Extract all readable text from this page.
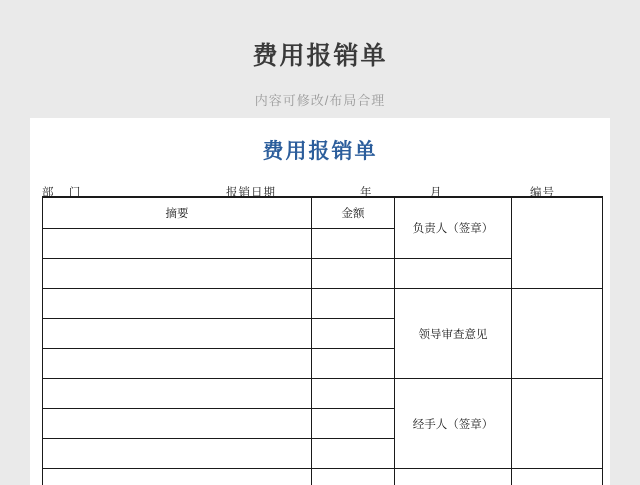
费用报销单
内容可修改/布局合理
费用报销单
部 门	报销日期	年	月	编号
摘要	金额	负责人（签章）	

		领导审查意见	

		经手人（签章）	
